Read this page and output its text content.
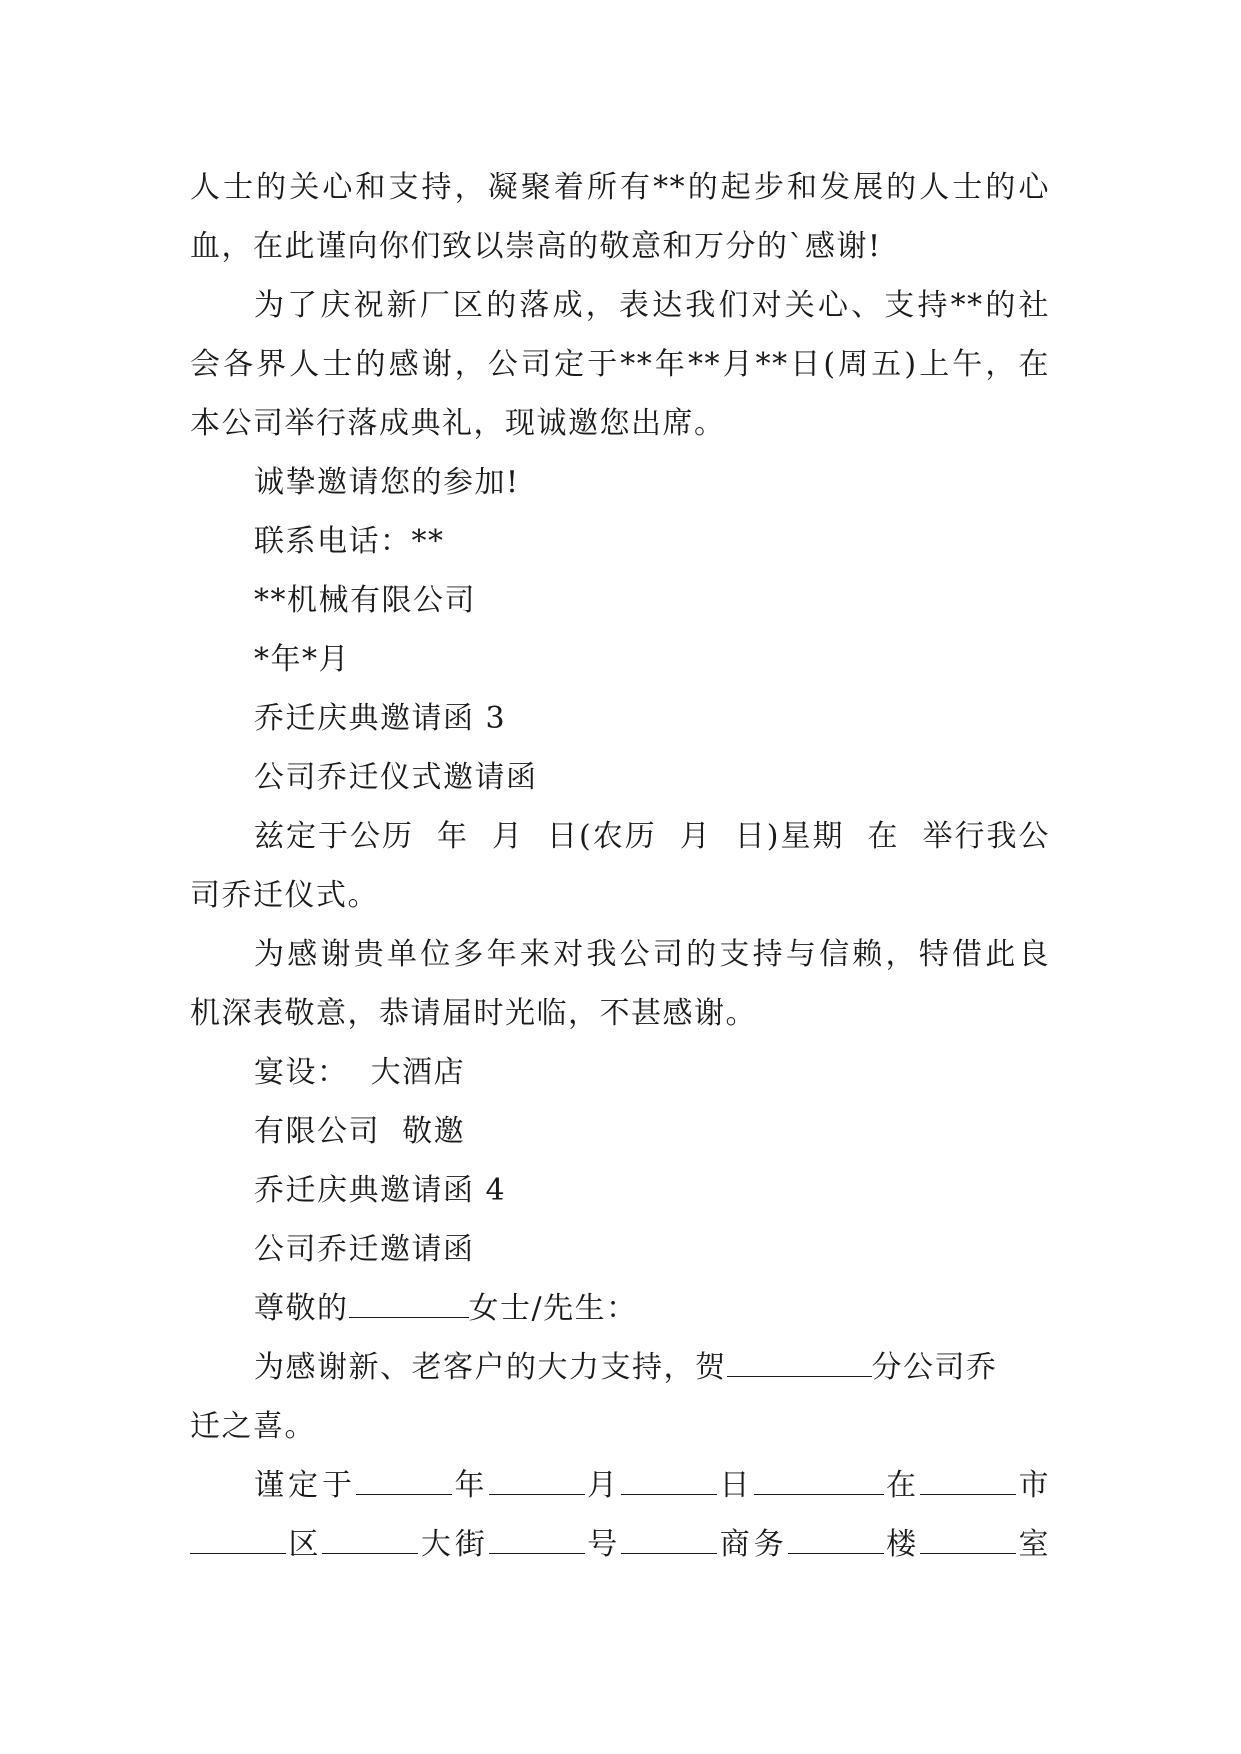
人士的关心和支持，凝聚着所有**的起步和发展的人士的心
血，在此谨向你们致以崇高的敬意和万分的`感谢!
为了庆祝新厂区的落成，表达我们对关心、支持**的社
会各界人士的感谢，公司定于**年**月**日(周五)上午，在
本公司举行落成典礼，现诚邀您出席。
诚挚邀请您的参加!
联系电话：**
**机械有限公司
*年*月
乔迁庆典邀请函 3
公司乔迁仪式邀请函
兹定于公历  年  月  日(农历  月  日)星期  在  举行我公
司乔迁仪式。
为感谢贵单位多年来对我公司的支持与信赖，特借此良
机深表敬意，恭请届时光临，不甚感谢。
宴设：  大酒店
有限公司  敬邀
乔迁庆典邀请函 4
公司乔迁邀请函
尊敬的	女士/先生：
为感谢新、老客户的大力支持，贺	分公司乔
迁之喜。
谨定于	年	月	日	在	市
区	大街	号	商务	楼	室
